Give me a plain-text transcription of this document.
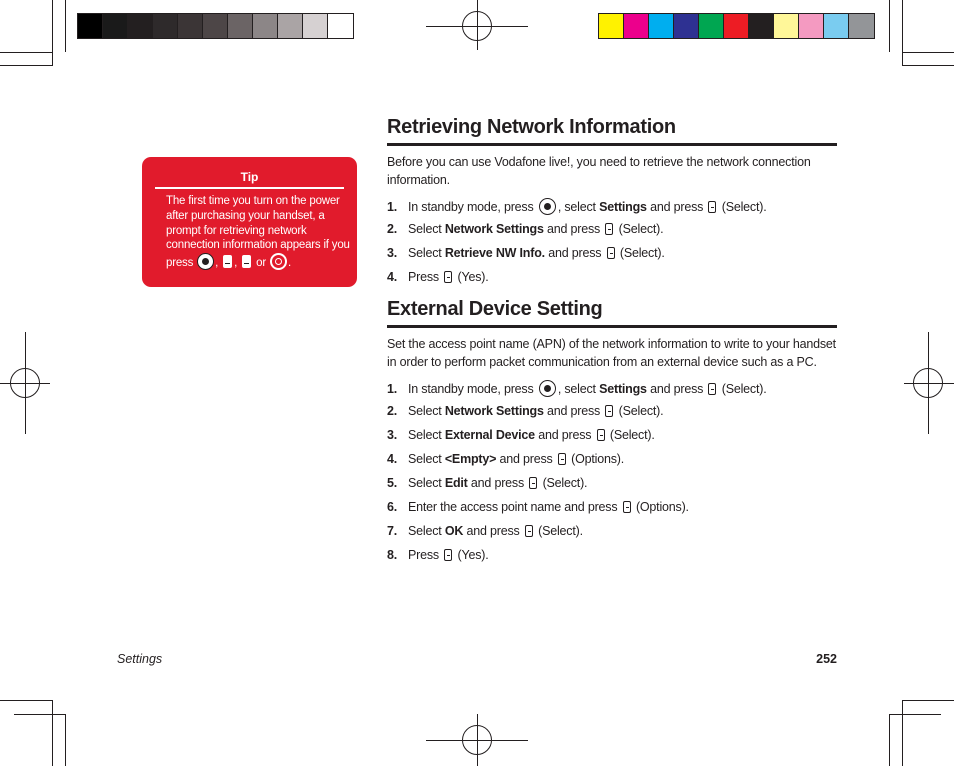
Tip
The first time you turn on the power after purchasing your handset, a prompt for retrieving network connection information appears if you press , , or .
Retrieving Network Information
Before you can use Vodafone live!, you need to retrieve the network connection information.
1. In standby mode, press , select Settings and press  (Select).
2. Select Network Settings and press  (Select).
3. Select Retrieve NW Info. and press  (Select).
4. Press  (Yes).
External Device Setting
Set the access point name (APN) of the network information to write to your handset in order to perform packet communication from an external device such as a PC.
1. In standby mode, press , select Settings and press  (Select).
2. Select Network Settings and press  (Select).
3. Select External Device and press  (Select).
4. Select <Empty> and press  (Options).
5. Select Edit and press  (Select).
6. Enter the access point name and press  (Options).
7. Select OK and press  (Select).
8. Press  (Yes).
Settings	252
